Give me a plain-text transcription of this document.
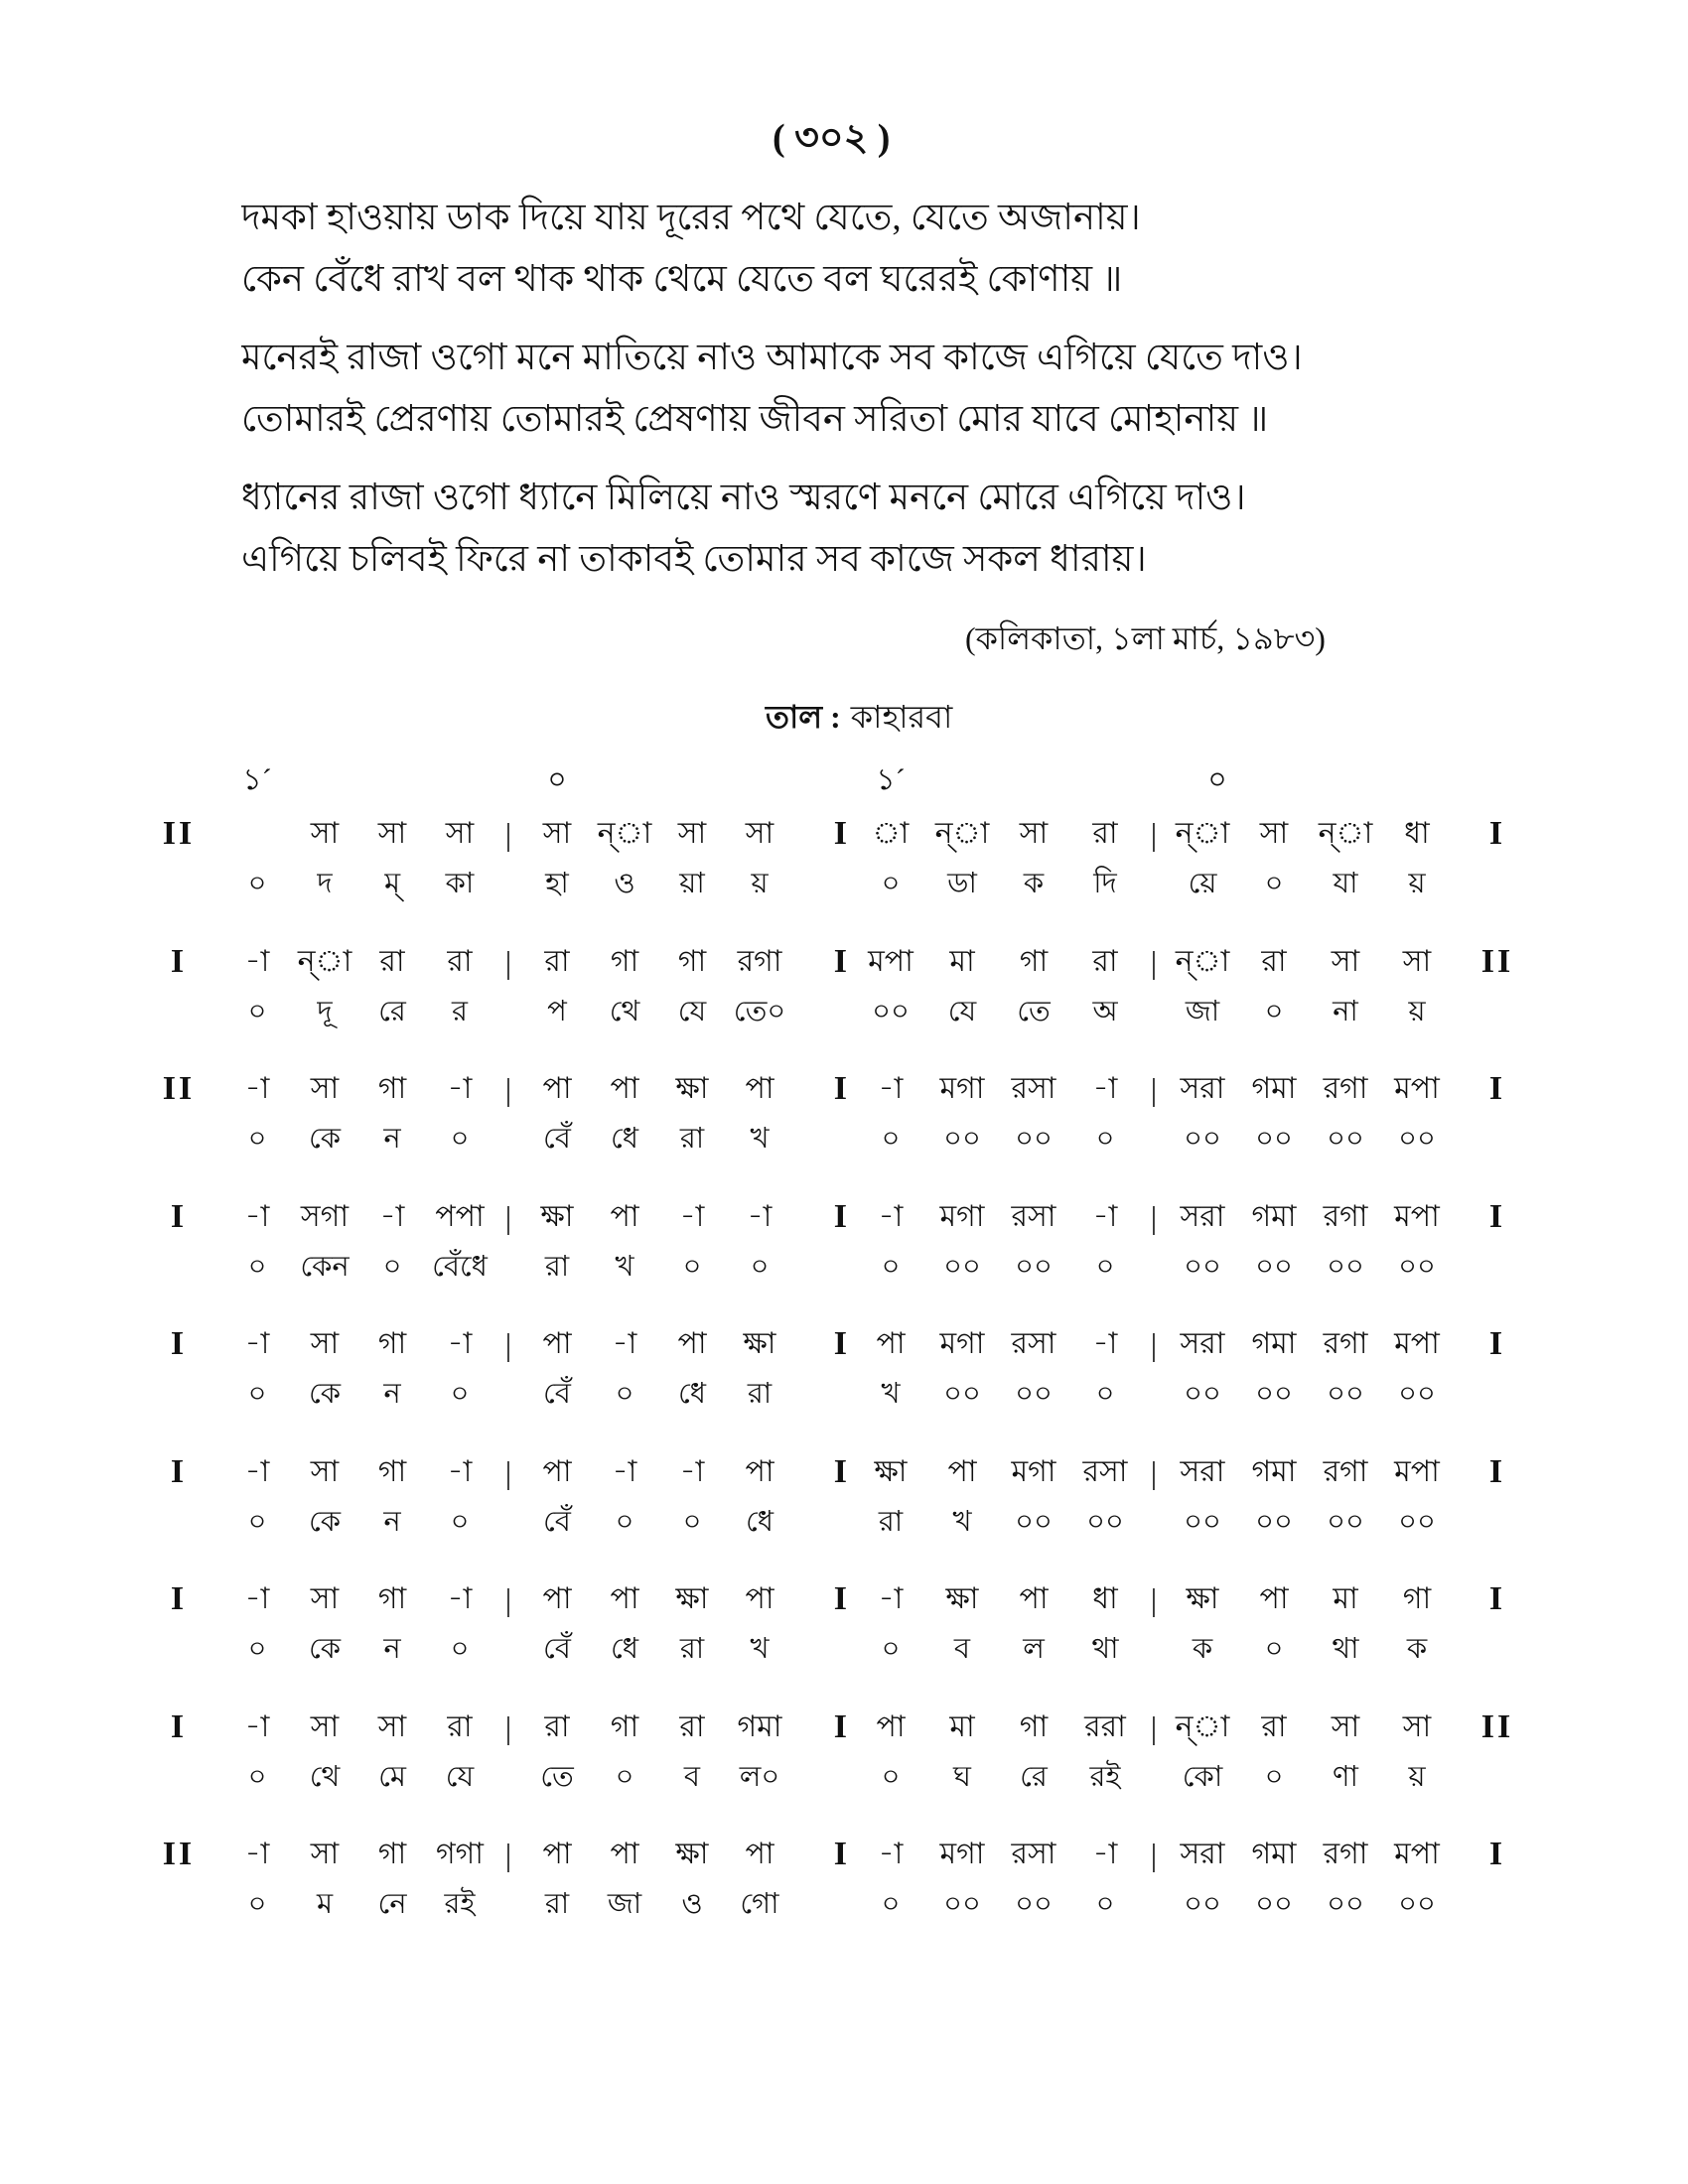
( ৩০২ )
দমকা হাওয়ায় ডাক দিয়ে যায় দূরের পথে যেতে, যেতে অজানায়।
কেন বেঁধে রাখ বল থাক থাক থেমে যেতে বল ঘরেরই কোণায় ॥
মনেরই রাজা ওগো মনে মাতিয়ে নাও আমাকে সব কাজে এগিয়ে যেতে দাও।
তোমারই প্রেরণায় তোমারই প্রেষণায় জীবন সরিতা মোর যাবে মোহানায় ॥
ধ্যানের রাজা ওগো ধ্যানে মিলিয়ে নাও স্মরণে মননে মোরে এগিয়ে দাও।
এগিয়ে চলিবই ফিরে না তাকাবই তোমার সব কাজে সকল ধারায়।
(কলিকাতা, ১লা মার্চ, ১৯৮৩)
তাল : কাহারবা
১´	০	১´	০
II	সা	সা	সা |	সা ন্‌া সা	সা	I া ন্‌া	সা	রা	| ন্‌া	সা	ন্‌া	ধা	I
০	দ	ম্	কা	হা	ও	য়া	য়	০	ডা	ক	দি	য়ে	০	যা	য়
I	-া ন্‌া রা	রা	|	রা	গা	গা	রগা	I মপা	মা	গা	রা	| ন্‌া	রা	সা	সা	II
০	দূ	রে	র	প	থে	যে তে০	০০	যে	তে	অ	জা	০	না	য়
II	-া	সা	গা	-া	|	পা	পা	ক্ষা	পা	I	-া	মগা রসা	-া	| সরা গমা রগা মপা	I
০	কে	ন	০	বেঁ	ধে	রা	খ	০	০০	০০	০	০০	০০	০০	০০
I	-া	সগা	-া	পপা | ক্ষা	পা	-া	-া	I	-া	মগা রসা	-া	| সরা গমা রগা মপা	I
০	কেন	০	বেঁধে	রা	খ	০	০	০	০০	০০	০	০০	০০	০০	০০
I	-া	সা	গা	-া	|	পা	-া	পা	ক্ষা	I পা	মগা রসা	-া	| সরা গমা রগা মপা	I
০	কে	ন	০	বেঁ	০	ধে	রা	খ	০০	০০	০	০০	০০	০০	০০
I	-া	সা	গা	-া	|	পা	-া	-া	পা	I ক্ষা	পা	মগা রসা | সরা গমা রগা মপা	I
০	কে	ন	০	বেঁ	০	০	ধে	রা	খ	০০	০০	০০	০০	০০	০০
I	-া	সা	গা	-া	|	পা	পা	ক্ষা	পা	I	-া	ক্ষা	পা	ধা	| ক্ষা	পা	মা	গা	I
০	কে	ন	০	বেঁ	ধে	রা	খ	০	ব	ল	থা	ক	০	থা	ক
I	-া	সা	সা	রা	|	রা	গা	রা	গমা	I পা	মা	গা	ররা | ন্‌া	রা	সা	সা	II
০	থে	মে	যে	তে	০	ব	ল০	০	ঘ	রে	রই	কো	০	ণা	য়
II	-া	সা	গা গগা |	পা	পা	ক্ষা	পা	I	-া	মগা রসা	-া	| সরা গমা রগা মপা	I
০	ম	নে	রই	রা	জা	ও	গো	০	০০	০০	০	০০	০০	০০	০০
